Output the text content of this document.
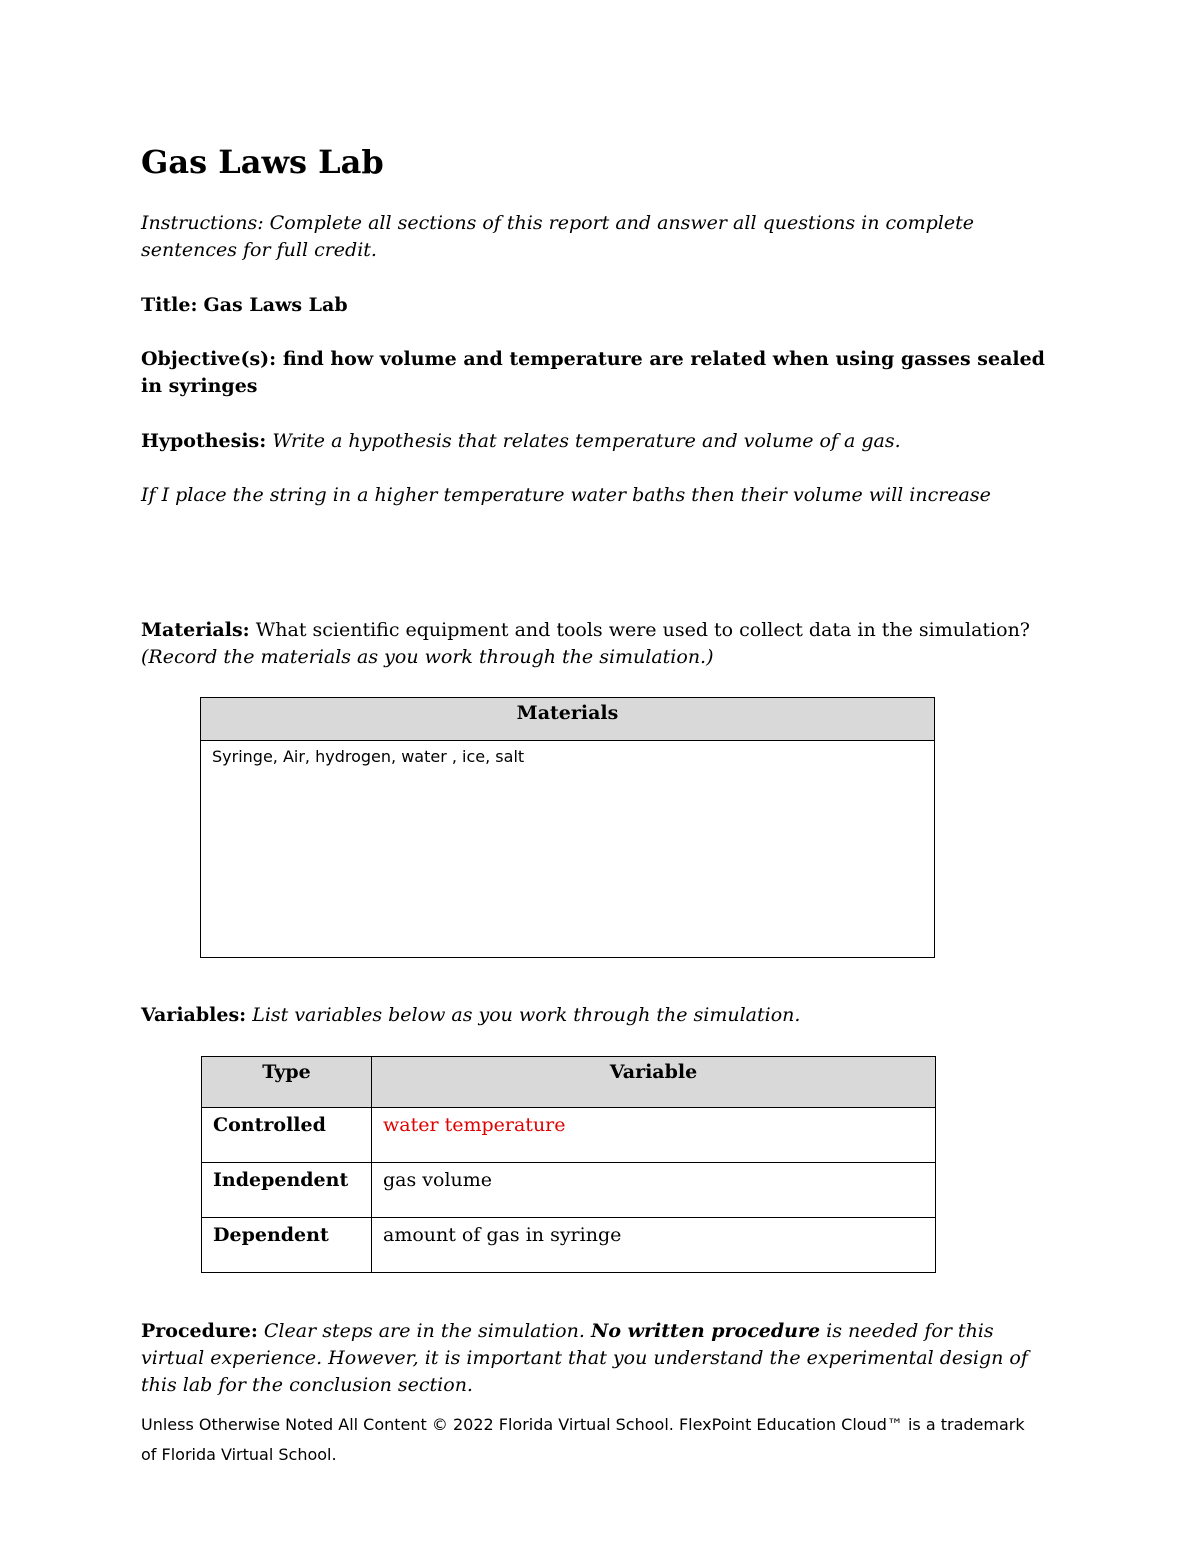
Gas Laws Lab
Instructions: Complete all sections of this report and answer all questions in complete sentences for full credit.
Title: Gas Laws Lab
Objective(s): find how volume and temperature are related when using gasses sealed in syringes
Hypothesis: Write a hypothesis that relates temperature and volume of a gas.
If I place the string in a higher temperature water baths then their volume will increase
Materials: What scientific equipment and tools were used to collect data in the simulation?
(Record the materials as you work through the simulation.)
Materials
Syringe, Air, hydrogen, water , ice, salt
Variables: List variables below as you work through the simulation.
Type	Variable
Controlled	water temperature
Independent	gas volume
Dependent	amount of gas in syringe
Procedure: Clear steps are in the simulation. No written procedure is needed for this virtual experience. However, it is important that you understand the experimental design of this lab for the conclusion section.
Unless Otherwise Noted All Content © 2022 Florida Virtual School. FlexPoint Education Cloud™ is a trademark of Florida Virtual School.
